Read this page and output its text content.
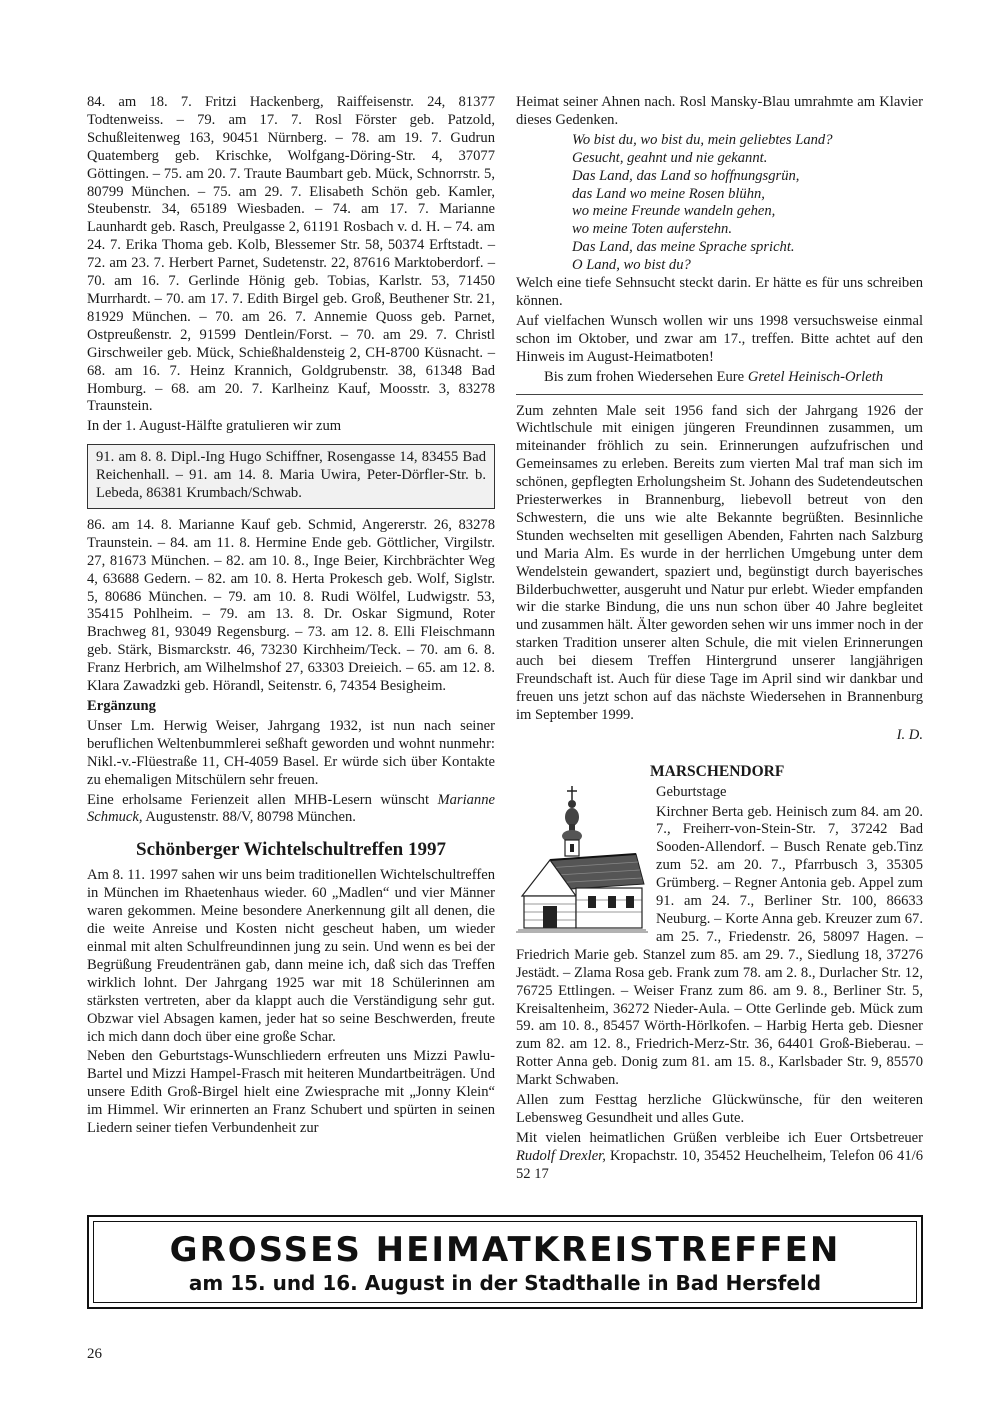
84. am 18. 7. Fritzi Hackenberg, Raiffeisenstr. 24, 81377 Todtenweiss. – 79. am 17. 7. Rosl Förster geb. Patzold, Schußleitenweg 163, 90451 Nürnberg. – 78. am 19. 7. Gudrun Quatemberg geb. Krischke, Wolfgang-Döring-Str. 4, 37077 Göttingen. – 75. am 20. 7. Traute Baumbart geb. Mück, Schnorrstr. 5, 80799 München. – 75. am 29. 7. Elisabeth Schön geb. Kamler, Steubenstr. 34, 65189 Wiesbaden. – 74. am 17. 7. Marianne Launhardt geb. Rasch, Preulgasse 2, 61191 Rosbach v. d. H. – 74. am 24. 7. Erika Thoma geb. Kolb, Blessemer Str. 58, 50374 Erftstadt. – 72. am 23. 7. Herbert Parnet, Sudetenstr. 22, 87616 Marktoberdorf. – 70. am 16. 7. Gerlinde Hönig geb. Tobias, Karlstr. 53, 71450 Murrhardt. – 70. am 17. 7. Edith Birgel geb. Groß, Beuthener Str. 21, 81929 München. – 70. am 26. 7. Annemie Quoss geb. Parnet, Ostpreußenstr. 2, 91599 Dentlein/Forst. – 70. am 29. 7. Christl Girschweiler geb. Mück, Schießhaldensteig 2, CH-8700 Küsnacht. – 68. am 16. 7. Heinz Krannich, Goldgrubenstr. 38, 61348 Bad Homburg. – 68. am 20. 7. Karlheinz Kauf, Moosstr. 3, 83278 Traunstein.

In der 1. August-Hälfte gratulieren wir zum

91. am 8. 8. Dipl.-Ing Hugo Schiffner, Rosengasse 14, 83455 Bad Reichenhall. – 91. am 14. 8. Maria Uwira, Peter-Dörfler-Str. b. Lebeda, 86381 Krumbach/Schwab.

86. am 14. 8. Marianne Kauf geb. Schmid, Angererstr. 26, 83278 Traunstein. – 84. am 11. 8. Hermine Ende geb. Göttlicher, Virgilstr. 27, 81673 München. – 82. am 10. 8., Inge Beier, Kirchbrächter Weg 4, 63688 Gedern. – 82. am 10. 8. Herta Prokesch geb. Wolf, Siglstr. 5, 80686 München. – 79. am 10. 8. Rudi Wölfel, Ludwigstr. 53, 35415 Pohlheim. – 79. am 13. 8. Dr. Oskar Sigmund, Roter Brachweg 81, 93049 Regensburg. – 73. am 12. 8. Elli Fleischmann geb. Stärk, Bismarckstr. 46, 73230 Kirchheim/Teck. – 70. am 6. 8. Franz Herbrich, am Wilhelmshof 27, 63303 Dreieich. – 65. am 12. 8. Klara Zawadzki geb. Hörandl, Seitenstr. 6, 74354 Besigheim.

Ergänzung

Unser Lm. Herwig Weiser, Jahrgang 1932, ist nun nach seiner beruflichen Weltenbummlerei seßhaft geworden und wohnt nunmehr: Nikl.-v.-Flüestraße 11, CH-4059 Basel. Er würde sich über Kontakte zu ehemaligen Mitschülern sehr freuen.

Eine erholsame Ferienzeit allen MHB-Lesern wünscht Marianne Schmuck, Augustenstr. 88/V, 80798 München.

Schönberger Wichtelschultreffen 1997

Am 8. 11. 1997 sahen wir uns beim traditionellen Wichtelschultreffen in München im Rhaetenhaus wieder. 60 „Madlen“ und vier Männer waren gekommen. Meine besondere Anerkennung gilt all denen, die die weite Anreise und Kosten nicht gescheut haben, um wieder einmal mit alten Schulfreundinnen jung zu sein. Und wenn es bei der Begrüßung Freudentränen gab, dann meine ich, daß sich das Treffen wirklich lohnt. Der Jahrgang 1925 war mit 18 Schülerinnen am stärksten vertreten, aber da klappt auch die Verständigung sehr gut. Obzwar viel Absagen kamen, jeder hat so seine Beschwerden, freute ich mich dann doch über eine große Schar.

Neben den Geburtstags-Wunschliedern erfreuten uns Mizzi Pawlu-Bartel und Mizzi Hampel-Frasch mit heiteren Mundartbeiträgen. Und unsere Edith Groß-Birgel hielt eine Zwiesprache mit „Jonny Klein“ im Himmel. Wir erinnerten an Franz Schubert und spürten in seinen Liedern seiner tiefen Verbundenheit zur

Heimat seiner Ahnen nach. Rosl Mansky-Blau umrahmte am Klavier dieses Gedenken.

Wo bist du, wo bist du, mein geliebtes Land?
Gesucht, geahnt und nie gekannt.
Das Land, das Land so hoffnungsgrün,
das Land wo meine Rosen blühn,
wo meine Freunde wandeln gehen,
wo meine Toten auferstehn.
Das Land, das meine Sprache spricht.
O Land, wo bist du?

Welch eine tiefe Sehnsucht steckt darin. Er hätte es für uns schreiben können.

Auf vielfachen Wunsch wollen wir uns 1998 versuchsweise einmal schon im Oktober, und zwar am 17., treffen. Bitte achtet auf den Hinweis im August-Heimatboten!

Bis zum frohen Wiedersehen Eure Gretel Heinisch-Orleth

Zum zehnten Male seit 1956 fand sich der Jahrgang 1926 der Wichtlschule mit einigen jüngeren Freundinnen zusammen, um miteinander fröhlich zu sein. Erinnerungen aufzufrischen und Gemeinsames zu erleben. Bereits zum vierten Mal traf man sich im schönen, gepflegten Erholungsheim St. Johann des Sudetendeutschen Priesterwerkes in Brannenburg, liebevoll betreut von den Schwestern, die uns wie alte Bekannte begrüßten. Besinnliche Stunden wechselten mit geselligen Abenden, Fahrten nach Salzburg und Maria Alm. Es wurde in der herrlichen Umgebung unter dem Wendelstein gewandert, spaziert und, begünstigt durch bayerisches Bilderbuchwetter, ausgeruht und Natur pur erlebt. Wieder empfanden wir die starke Bindung, die uns nun schon über 40 Jahre begleitet und zusammen hält. Älter geworden sehen wir uns immer noch in der starken Tradition unserer alten Schule, die mit vielen Erinnerungen auch bei diesem Treffen Hintergrund unserer langjährigen Freundschaft ist. Auch für diese Tage im April sind wir dankbar und freuen uns jetzt schon auf das nächste Wiedersehen in Brannenburg im September 1999.

I. D.

MARSCHENDORF

Geburtstage

Kirchner Berta geb. Heinisch zum 84. am 20. 7., Freiherr-von-Stein-Str. 7, 37242 Bad Sooden-Allendorf. – Busch Renate geb.Tinz zum 52. am 20. 7., Pfarrbusch 3, 35305 Grümberg. – Regner Antonia geb. Appel zum 91. am 24. 7., Berliner Str. 100, 86633 Neuburg. – Korte Anna geb. Kreuzer zum 67. am 25. 7., Friedenstr. 26, 58097 Hagen. – Friedrich Marie geb. Stanzel zum 85. am 29. 7., Siedlung 18, 37276 Jestädt. – Zlama Rosa geb. Frank zum 78. am 2. 8., Durlacher Str. 12, 76725 Ettlingen. – Weiser Franz zum 86. am 9. 8., Berliner Str. 5, Kreisaltenheim, 36272 Nieder-Aula. – Otte Gerlinde geb. Mück zum 59. am 10. 8., 85457 Wörth-Hörlkofen. – Harbig Herta geb. Diesner zum 82. am 12. 8., Friedrich-Merz-Str. 36, 64401 Groß-Bieberau. – Rotter Anna geb. Donig zum 81. am 15. 8., Karlsbader Str. 9, 85570 Markt Schwaben.

Allen zum Festtag herzliche Glückwünsche, für den weiteren Lebensweg Gesundheit und alles Gute.

Mit vielen heimatlichen Grüßen verbleibe ich Euer Ortsbetreuer Rudolf Drexler, Kropachstr. 10, 35452 Heuchelheim, Telefon 06 41/6 52 17

GROSSES HEIMATKREISTREFFEN
am 15. und 16. August in der Stadthalle in Bad Hersfeld
26
